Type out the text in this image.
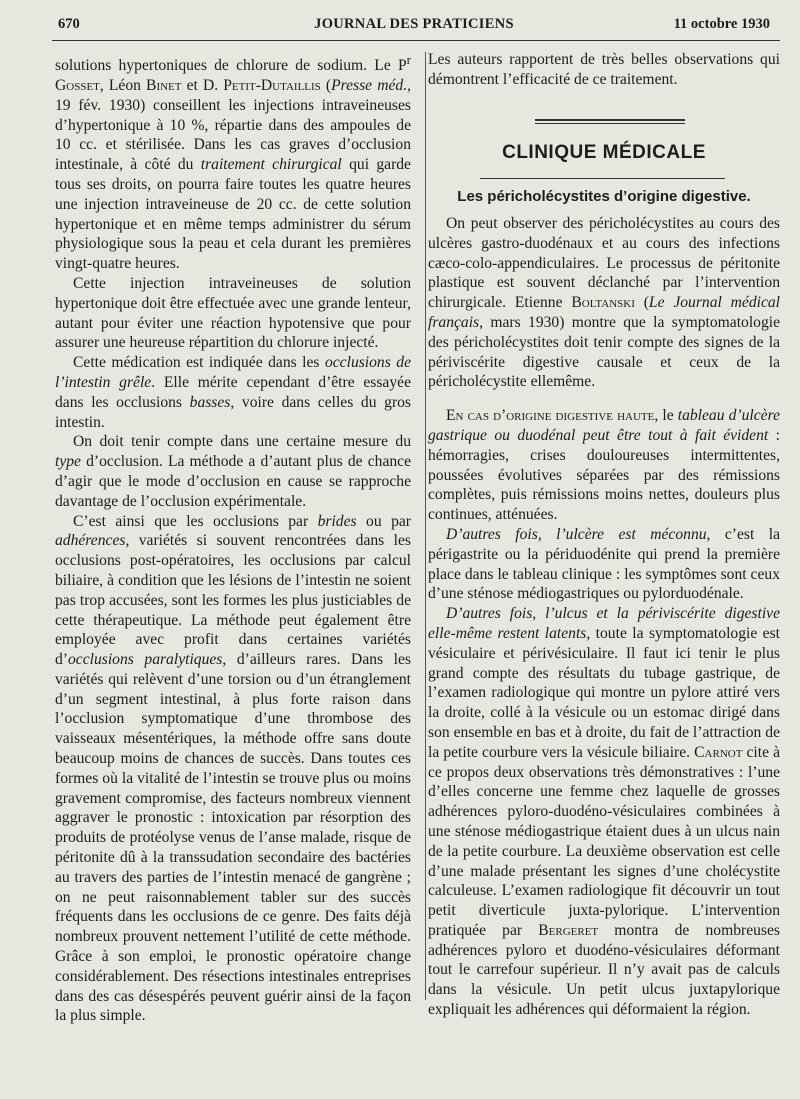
670	JOURNAL DES PRATICIENS	11 octobre 1930

solutions hypertoniques de chlorure de sodium. Le $P^r$ Gosset, Léon Binet et D. Petit-Dutaillis (Presse méd., 19 fév. 1930) conseillent les injections intraveineuses d’hypertonique à 10 %, répartie dans des ampoules de 10 cc. et stérilisée. Dans les cas graves d’occlusion intestinale, à côté du traitement chirurgical qui garde tous ses droits, on pourra faire toutes les quatre heures une injection intraveineuse de 20 cc. de cette solution hypertonique et en même temps administrer du sérum physiologique sous la peau et cela durant les premières vingt-quatre heures.

Cette injection intraveineuses de solution hypertonique doit être effectuée avec une grande lenteur, autant pour éviter une réaction hypotensive que pour assurer une heureuse répartition du chlorure injecté.

Cette médication est indiquée dans les occlusions de l’intestin grêle. Elle mérite cependant d’être essayée dans les occlusions basses, voire dans celles du gros intestin.

On doit tenir compte dans une certaine mesure du type d’occlusion. La méthode a d’autant plus de chance d’agir que le mode d’occlusion en cause se rapproche davantage de l’occlusion expérimentale.

C’est ainsi que les occlusions par brides ou par adhérences, variétés si souvent rencontrées dans les occlusions post-opératoires, les occlusions par calcul biliaire, à condition que les lésions de l’intestin ne soient pas trop accusées, sont les formes les plus justiciables de cette thérapeutique. La méthode peut également être employée avec profit dans certaines variétés d’occlusions paralytiques, d’ailleurs rares. Dans les variétés qui relèvent d’une torsion ou d’un étranglement d’un segment intestinal, à plus forte raison dans l’occlusion symptomatique d’une thrombose des vaisseaux mésentériques, la méthode offre sans doute beaucoup moins de chances de succès. Dans toutes ces formes où la vitalité de l’intestin se trouve plus ou moins gravement compromise, des facteurs nombreux viennent aggraver le pronostic : intoxication par résorption des produits de protéolyse venus de l’anse malade, risque de péritonite dû à la transsudation secondaire des bactéries au travers des parties de l’intestin menacé de gangrène ; on ne peut raisonnablement tabler sur des succès fréquents dans les occlusions de ce genre. Des faits déjà nombreux prouvent nettement l’utilité de cette méthode. Grâce à son emploi, le pronostic opératoire change considérablement. Des résections intestinales entreprises dans des cas désespérés peuvent guérir ainsi de la façon la plus simple.

Les auteurs rapportent de très belles observations qui démontrent l’efficacité de ce traitement.

CLINIQUE MÉDICALE
Les péricholécystites d’origine digestive.

On peut observer des péricholécystites au cours des ulcères gastro-duodénaux et au cours des infections cæco-colo-appendiculaires. Le processus de péritonite plastique est souvent déclanché par l’intervention chirurgicale. Etienne Boltanski (Le Journal médical français, mars 1930) montre que la symptomatologie des péricholécystites doit tenir compte des signes de la périviscérite digestive causale et ceux de la péricholécystite ellemême.

En cas d’origine digestive haute, le tableau d’ulcère gastrique ou duodénal peut être tout à fait évident : hémorragies, crises douloureuses intermittentes, poussées évolutives séparées par des rémissions complètes, puis rémissions moins nettes, douleurs plus continues, atténuées.

D’autres fois, l’ulcère est méconnu, c’est la périgastrite ou la périduodénite qui prend la première place dans le tableau clinique : les symptômes sont ceux d’une sténose médiogastriques ou pylorduodénale.

D’autres fois, l’ulcus et la périviscérite digestive elle-même restent latents, toute la symptomatologie est vésiculaire et périvésiculaire. Il faut ici tenir le plus grand compte des résultats du tubage gastrique, de l’examen radiologique qui montre un pylore attiré vers la droite, collé à la vésicule ou un estomac dirigé dans son ensemble en bas et à droite, du fait de l’attraction de la petite courbure vers la vésicule biliaire. Carnot cite à ce propos deux observations très démonstratives : l’une d’elles concerne une femme chez laquelle de grosses adhérences pyloro-duodéno-vésiculaires combinées à une sténose médiogastrique étaient dues à un ulcus nain de la petite courbure. La deuxième observation est celle d’une malade présentant les signes d’une cholécystite calculeuse. L’examen radiologique fit découvrir un tout petit diverticule juxta-pylorique. L’intervention pratiquée par Bergeret montra de nombreuses adhérences pyloro et duodéno-vésiculaires déformant tout le carrefour supérieur. Il n’y avait pas de calculs dans la vésicule. Un petit ulcus juxtapylorique expliquait les adhérences qui déformaient la région.
